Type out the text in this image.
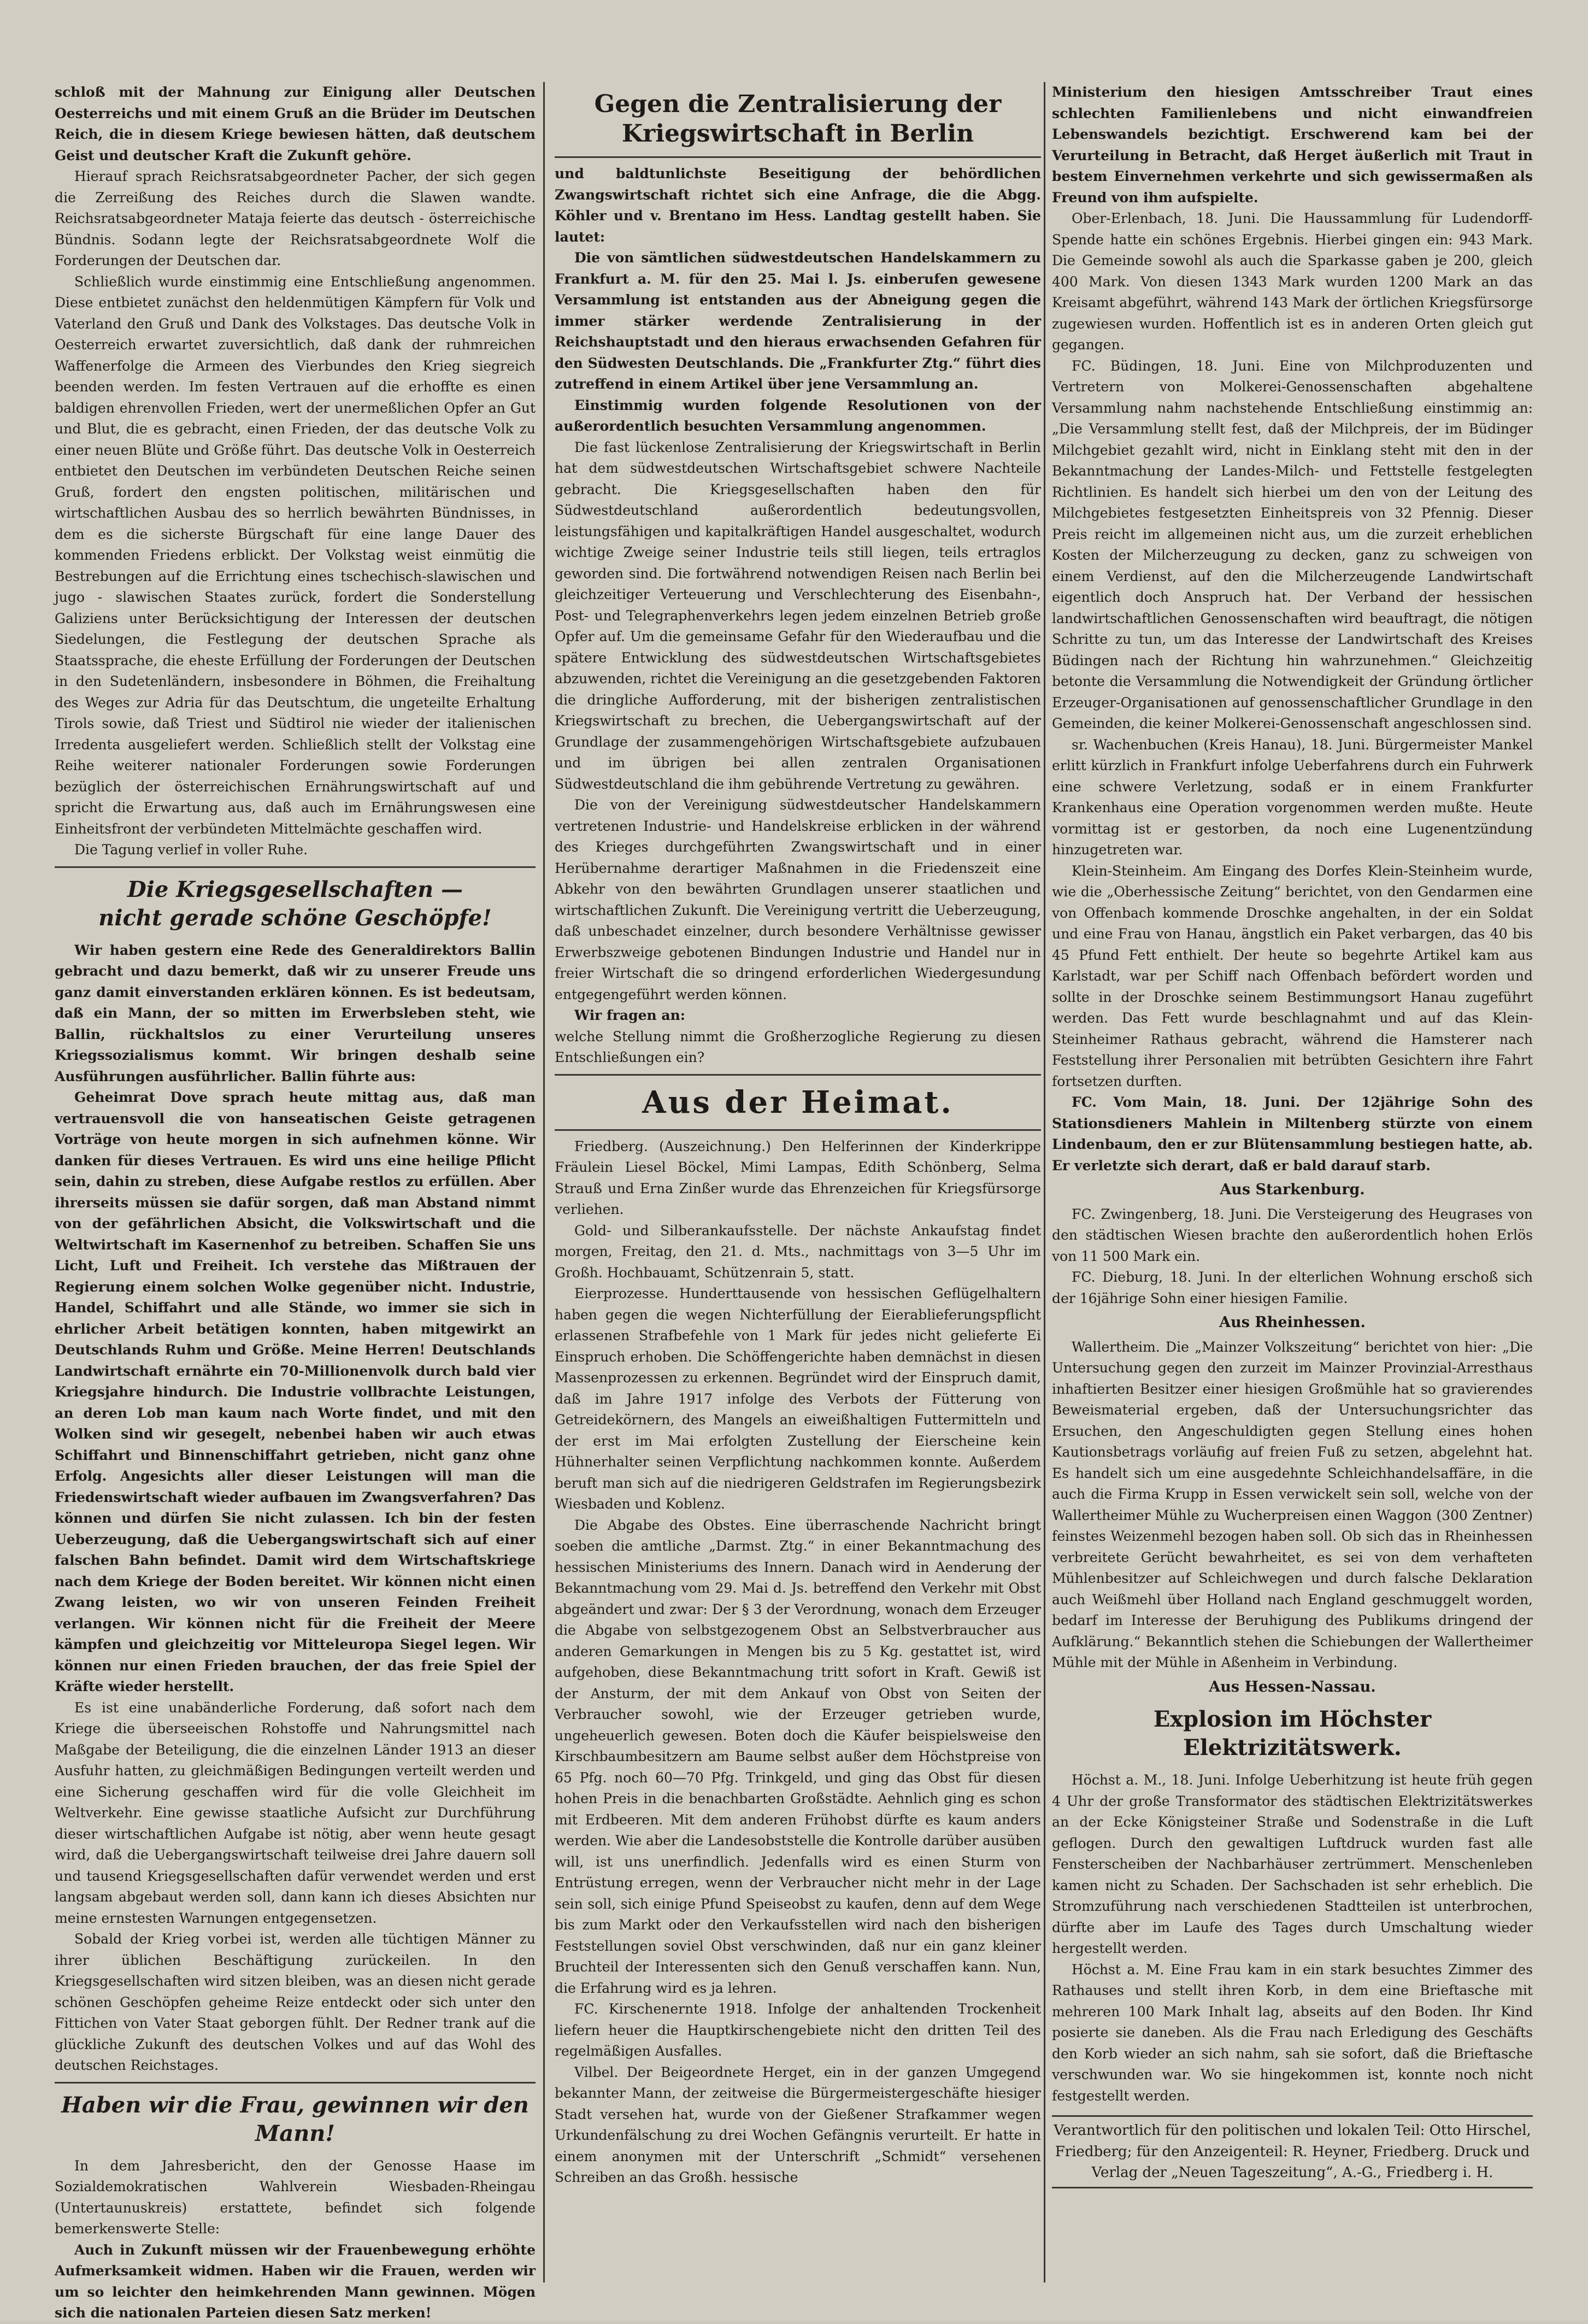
schloß mit der Mahnung zur Einigung aller Deutschen Oesterreichs und mit einem Gruß an die Brüder im Deutschen Reich, die in diesem Kriege bewiesen hätten, daß deutschem Geist und deutscher Kraft die Zukunft gehöre.

Hierauf sprach Reichsratsabgeordneter Pacher, der sich gegen die Zerreißung des Reiches durch die Slawen wandte. Reichsratsabgeordneter Mataja feierte das deutsch - österreichische Bündnis. Sodann legte der Reichsratsabgeordnete Wolf die Forderungen der Deutschen dar.

Schließlich wurde einstimmig eine Entschließung angenommen. Diese entbietet zunächst den heldenmütigen Kämpfern für Volk und Vaterland den Gruß und Dank des Volkstages. Das deutsche Volk in Oesterreich erwartet zuversichtlich, daß dank der ruhmreichen Waffenerfolge die Armeen des Vierbundes den Krieg siegreich beenden werden. Im festen Vertrauen auf die erhoffte es einen baldigen ehrenvollen Frieden, wert der unermeßlichen Opfer an Gut und Blut, die es gebracht, einen Frieden, der das deutsche Volk zu einer neuen Blüte und Größe führt. Das deutsche Volk in Oesterreich entbietet den Deutschen im verbündeten Deutschen Reiche seinen Gruß, fordert den engsten politischen, militärischen und wirtschaftlichen Ausbau des so herrlich bewährten Bündnisses, in dem es die sicherste Bürgschaft für eine lange Dauer des kommenden Friedens erblickt. Der Volkstag weist einmütig die Bestrebungen auf die Errichtung eines tschechisch-slawischen und jugo - slawischen Staates zurück, fordert die Sonderstellung Galiziens unter Berücksichtigung der Interessen der deutschen Siedelungen, die Festlegung der deutschen Sprache als Staatssprache, die eheste Erfüllung der Forderungen der Deutschen in den Sudetenländern, insbesondere in Böhmen, die Freihaltung des Weges zur Adria für das Deutschtum, die ungeteilte Erhaltung Tirols sowie, daß Triest und Südtirol nie wieder der italienischen Irredenta ausgeliefert werden. Schließlich stellt der Volkstag eine Reihe weiterer nationaler Forderungen sowie Forderungen bezüglich der österreichischen Ernährungswirtschaft auf und spricht die Erwartung aus, daß auch im Ernährungswesen eine Einheitsfront der verbündeten Mittelmächte geschaffen wird.

Die Tagung verlief in voller Ruhe.

Die Kriegsgesellschaften —
nicht gerade schöne Geschöpfe!

Wir haben gestern eine Rede des Generaldirektors Ballin gebracht und dazu bemerkt, daß wir zu unserer Freude uns ganz damit einverstanden erklären können. Es ist bedeutsam, daß ein Mann, der so mitten im Erwerbsleben steht, wie Ballin, rückhaltslos zu einer Verurteilung unseres Kriegssozialismus kommt. Wir bringen deshalb seine Ausführungen ausführlicher. Ballin führte aus:

Geheimrat Dove sprach heute mittag aus, daß man vertrauensvoll die von hanseatischen Geiste getragenen Vorträge von heute morgen in sich aufnehmen könne. Wir danken für dieses Vertrauen. Es wird uns eine heilige Pflicht sein, dahin zu streben, diese Aufgabe restlos zu erfüllen. Aber ihrerseits müssen sie dafür sorgen, daß man Abstand nimmt von der gefährlichen Absicht, die Volkswirtschaft und die Weltwirtschaft im Kasernenhof zu betreiben. Schaffen Sie uns Licht, Luft und Freiheit. Ich verstehe das Mißtrauen der Regierung einem solchen Wolke gegenüber nicht. Industrie, Handel, Schiffahrt und alle Stände, wo immer sie sich in ehrlicher Arbeit betätigen konnten, haben mitgewirkt an Deutschlands Ruhm und Größe. Meine Herren! Deutschlands Landwirtschaft ernährte ein 70-Millionenvolk durch bald vier Kriegsjahre hindurch. Die Industrie vollbrachte Leistungen, an deren Lob man kaum nach Worte findet, und mit den Wolken sind wir gesegelt, nebenbei haben wir auch etwas Schiffahrt und Binnenschiffahrt getrieben, nicht ganz ohne Erfolg. Angesichts aller dieser Leistungen will man die Friedenswirtschaft wieder aufbauen im Zwangsverfahren? Das können und dürfen Sie nicht zulassen. Ich bin der festen Ueberzeugung, daß die Uebergangswirtschaft sich auf einer falschen Bahn befindet. Damit wird dem Wirtschaftskriege nach dem Kriege der Boden bereitet. Wir können nicht einen Zwang leisten, wo wir von unseren Feinden Freiheit verlangen. Wir können nicht für die Freiheit der Meere kämpfen und gleichzeitig vor Mitteleuropa Siegel legen. Wir können nur einen Frieden brauchen, der das freie Spiel der Kräfte wieder herstellt.

Es ist eine unabänderliche Forderung, daß sofort nach dem Kriege die überseeischen Rohstoffe und Nahrungsmittel nach Maßgabe der Beteiligung, die die einzelnen Länder 1913 an dieser Ausfuhr hatten, zu gleichmäßigen Bedingungen verteilt werden und eine Sicherung geschaffen wird für die volle Gleichheit im Weltverkehr. Eine gewisse staatliche Aufsicht zur Durchführung dieser wirtschaftlichen Aufgabe ist nötig, aber wenn heute gesagt wird, daß die Uebergangswirtschaft teilweise drei Jahre dauern soll und tausend Kriegsgesellschaften dafür verwendet werden und erst langsam abgebaut werden soll, dann kann ich dieses Absichten nur meine ernstesten Warnungen entgegensetzen.

Sobald der Krieg vorbei ist, werden alle tüchtigen Männer zu ihrer üblichen Beschäftigung zurückeilen. In den Kriegsgesellschaften wird sitzen bleiben, was an diesen nicht gerade schönen Geschöpfen geheime Reize entdeckt oder sich unter den Fittichen von Vater Staat geborgen fühlt. Der Redner trank auf die glückliche Zukunft des deutschen Volkes und auf das Wohl des deutschen Reichstages.

Haben wir die Frau, gewinnen wir den Mann!

In dem Jahresbericht, den der Genosse Haase im Sozialdemokratischen Wahlverein Wiesbaden-Rheingau (Untertaunuskreis) erstattete, befindet sich folgende bemerkenswerte Stelle:

Auch in Zukunft müssen wir der Frauenbewegung erhöhte Aufmerksamkeit widmen. Haben wir die Frauen, werden wir um so leichter den heimkehrenden Mann gewinnen. Mögen sich die nationalen Parteien diesen Satz merken!

Gegen die Zentralisierung der Kriegswirtschaft in Berlin

und baldtunlichste Beseitigung der behördlichen Zwangswirtschaft richtet sich eine Anfrage, die die Abgg. Köhler und v. Brentano im Hess. Landtag gestellt haben. Sie lautet:

Die von sämtlichen südwestdeutschen Handelskammern zu Frankfurt a. M. für den 25. Mai l. Js. einberufen gewesene Versammlung ist entstanden aus der Abneigung gegen die immer stärker werdende Zentralisierung in der Reichshauptstadt und den hieraus erwachsenden Gefahren für den Südwesten Deutschlands. Die „Frankfurter Ztg.“ führt dies zutreffend in einem Artikel über jene Versammlung an.

Einstimmig wurden folgende Resolutionen von der außerordentlich besuchten Versammlung angenommen.

Die fast lückenlose Zentralisierung der Kriegswirtschaft in Berlin hat dem südwestdeutschen Wirtschaftsgebiet schwere Nachteile gebracht. Die Kriegsgesellschaften haben den für Südwestdeutschland außerordentlich bedeutungsvollen, leistungsfähigen und kapitalkräftigen Handel ausgeschaltet, wodurch wichtige Zweige seiner Industrie teils still liegen, teils ertraglos geworden sind. Die fortwährend notwendigen Reisen nach Berlin bei gleichzeitiger Verteuerung und Verschlechterung des Eisenbahn-, Post- und Telegraphenverkehrs legen jedem einzelnen Betrieb große Opfer auf. Um die gemeinsame Gefahr für den Wiederaufbau und die spätere Entwicklung des südwestdeutschen Wirtschaftsgebietes abzuwenden, richtet die Vereinigung an die gesetzgebenden Faktoren die dringliche Aufforderung, mit der bisherigen zentralistischen Kriegswirtschaft zu brechen, die Uebergangswirtschaft auf der Grundlage der zusammengehörigen Wirtschaftsgebiete aufzubauen und im übrigen bei allen zentralen Organisationen Südwestdeutschland die ihm gebührende Vertretung zu gewähren.

Die von der Vereinigung südwestdeutscher Handelskammern vertretenen Industrie- und Handelskreise erblicken in der während des Krieges durchgeführten Zwangswirtschaft und in einer Herübernahme derartiger Maßnahmen in die Friedenszeit eine Abkehr von den bewährten Grundlagen unserer staatlichen und wirtschaftlichen Zukunft. Die Vereinigung vertritt die Ueberzeugung, daß unbeschadet einzelner, durch besondere Verhältnisse gewisser Erwerbszweige gebotenen Bindungen Industrie und Handel nur in freier Wirtschaft die so dringend erforderlichen Wiedergesundung entgegengeführt werden können.

Wir fragen an:

welche Stellung nimmt die Großherzogliche Regierung zu diesen Entschließungen ein?

Aus der Heimat.

Friedberg. (Auszeichnung.) Den Helferinnen der Kinderkrippe Fräulein Liesel Böckel, Mimi Lampas, Edith Schönberg, Selma Strauß und Erna Zinßer wurde das Ehrenzeichen für Kriegsfürsorge verliehen.

Gold- und Silberankaufsstelle. Der nächste Ankaufstag findet morgen, Freitag, den 21. d. Mts., nachmittags von 3—5 Uhr im Großh. Hochbauamt, Schützenrain 5, statt.

Eierprozesse. Hunderttausende von hessischen Geflügelhaltern haben gegen die wegen Nichterfüllung der Eierablieferungspflicht erlassenen Strafbefehle von 1 Mark für jedes nicht gelieferte Ei Einspruch erhoben. Die Schöffengerichte haben demnächst in diesen Massenprozessen zu erkennen. Begründet wird der Einspruch damit, daß im Jahre 1917 infolge des Verbots der Fütterung von Getreidekörnern, des Mangels an eiweißhaltigen Futtermitteln und der erst im Mai erfolgten Zustellung der Eierscheine kein Hühnerhalter seinen Verpflichtung nachkommen konnte. Außerdem beruft man sich auf die niedrigeren Geldstrafen im Regierungsbezirk Wiesbaden und Koblenz.

Die Abgabe des Obstes. Eine überraschende Nachricht bringt soeben die amtliche „Darmst. Ztg.“ in einer Bekanntmachung des hessischen Ministeriums des Innern. Danach wird in Aenderung der Bekanntmachung vom 29. Mai d. Js. betreffend den Verkehr mit Obst abgeändert und zwar: Der § 3 der Verordnung, wonach dem Erzeuger die Abgabe von selbstgezogenem Obst an Selbstverbraucher aus anderen Gemarkungen in Mengen bis zu 5 Kg. gestattet ist, wird aufgehoben, diese Bekanntmachung tritt sofort in Kraft. Gewiß ist der Ansturm, der mit dem Ankauf von Obst von Seiten der Verbraucher sowohl, wie der Erzeuger getrieben wurde, ungeheuerlich gewesen. Boten doch die Käufer beispielsweise den Kirschbaumbesitzern am Baume selbst außer dem Höchstpreise von 65 Pfg. noch 60—70 Pfg. Trinkgeld, und ging das Obst für diesen hohen Preis in die benachbarten Großstädte. Aehnlich ging es schon mit Erdbeeren. Mit dem anderen Frühobst dürfte es kaum anders werden. Wie aber die Landesobststelle die Kontrolle darüber ausüben will, ist uns unerfindlich. Jedenfalls wird es einen Sturm von Entrüstung erregen, wenn der Verbraucher nicht mehr in der Lage sein soll, sich einige Pfund Speiseobst zu kaufen, denn auf dem Wege bis zum Markt oder den Verkaufsstellen wird nach den bisherigen Feststellungen soviel Obst verschwinden, daß nur ein ganz kleiner Bruchteil der Interessenten sich den Genuß verschaffen kann. Nun, die Erfahrung wird es ja lehren.

FC. Kirschenernte 1918. Infolge der anhaltenden Trockenheit liefern heuer die Hauptkirschengebiete nicht den dritten Teil des regelmäßigen Ausfalles.

Vilbel. Der Beigeordnete Herget, ein in der ganzen Umgegend bekannter Mann, der zeitweise die Bürgermeistergeschäfte hiesiger Stadt versehen hat, wurde von der Gießener Strafkammer wegen Urkundenfälschung zu drei Wochen Gefängnis verurteilt. Er hatte in einem anonymen mit der Unterschrift „Schmidt“ versehenen Schreiben an das Großh. hessische

Ministerium den hiesigen Amtsschreiber Traut eines schlechten Familienlebens und nicht einwandfreien Lebenswandels bezichtigt. Erschwerend kam bei der Verurteilung in Betracht, daß Herget äußerlich mit Traut in bestem Einvernehmen verkehrte und sich gewissermaßen als Freund von ihm aufspielte.

Ober-Erlenbach, 18. Juni. Die Haussammlung für Ludendorff-Spende hatte ein schönes Ergebnis. Hierbei gingen ein: 943 Mark. Die Gemeinde sowohl als auch die Sparkasse gaben je 200, gleich 400 Mark. Von diesen 1343 Mark wurden 1200 Mark an das Kreisamt abgeführt, während 143 Mark der örtlichen Kriegsfürsorge zugewiesen wurden. Hoffentlich ist es in anderen Orten gleich gut gegangen.

FC. Büdingen, 18. Juni. Eine von Milchproduzenten und Vertretern von Molkerei-Genossenschaften abgehaltene Versammlung nahm nachstehende Entschließung einstimmig an: „Die Versammlung stellt fest, daß der Milchpreis, der im Büdinger Milchgebiet gezahlt wird, nicht in Einklang steht mit den in der Bekanntmachung der Landes-Milch- und Fettstelle festgelegten Richtlinien. Es handelt sich hierbei um den von der Leitung des Milchgebietes festgesetzten Einheitspreis von 32 Pfennig. Dieser Preis reicht im allgemeinen nicht aus, um die zurzeit erheblichen Kosten der Milcherzeugung zu decken, ganz zu schweigen von einem Verdienst, auf den die Milcherzeugende Landwirtschaft eigentlich doch Anspruch hat. Der Verband der hessischen landwirtschaftlichen Genossenschaften wird beauftragt, die nötigen Schritte zu tun, um das Interesse der Landwirtschaft des Kreises Büdingen nach der Richtung hin wahrzunehmen.“ Gleichzeitig betonte die Versammlung die Notwendigkeit der Gründung örtlicher Erzeuger-Organisationen auf genossenschaftlicher Grundlage in den Gemeinden, die keiner Molkerei-Genossenschaft angeschlossen sind.

sr. Wachenbuchen (Kreis Hanau), 18. Juni. Bürgermeister Mankel erlitt kürzlich in Frankfurt infolge Ueberfahrens durch ein Fuhrwerk eine schwere Verletzung, sodaß er in einem Frankfurter Krankenhaus eine Operation vorgenommen werden mußte. Heute vormittag ist er gestorben, da noch eine Lugenentzündung hinzugetreten war.

Klein-Steinheim. Am Eingang des Dorfes Klein-Steinheim wurde, wie die „Oberhessische Zeitung“ berichtet, von den Gendarmen eine von Offenbach kommende Droschke angehalten, in der ein Soldat und eine Frau von Hanau, ängstlich ein Paket verbargen, das 40 bis 45 Pfund Fett enthielt. Der heute so begehrte Artikel kam aus Karlstadt, war per Schiff nach Offenbach befördert worden und sollte in der Droschke seinem Bestimmungsort Hanau zugeführt werden. Das Fett wurde beschlagnahmt und auf das Klein-Steinheimer Rathaus gebracht, während die Hamsterer nach Feststellung ihrer Personalien mit betrübten Gesichtern ihre Fahrt fortsetzen durften.

FC. Vom Main, 18. Juni. Der 12jährige Sohn des Stationsdieners Mahlein in Miltenberg stürzte von einem Lindenbaum, den er zur Blütensammlung bestiegen hatte, ab. Er verletzte sich derart, daß er bald darauf starb.

Aus Starkenburg.

FC. Zwingenberg, 18. Juni. Die Versteigerung des Heugrases von den städtischen Wiesen brachte den außerordentlich hohen Erlös von 11 500 Mark ein.

FC. Dieburg, 18. Juni. In der elterlichen Wohnung erschoß sich der 16jährige Sohn einer hiesigen Familie.

Aus Rheinhessen.

Wallertheim. Die „Mainzer Volkszeitung“ berichtet von hier: „Die Untersuchung gegen den zurzeit im Mainzer Provinzial-Arresthaus inhaftierten Besitzer einer hiesigen Großmühle hat so gravierendes Beweismaterial ergeben, daß der Untersuchungsrichter das Ersuchen, den Angeschuldigten gegen Stellung eines hohen Kautionsbetrags vorläufig auf freien Fuß zu setzen, abgelehnt hat. Es handelt sich um eine ausgedehnte Schleichhandelsaffäre, in die auch die Firma Krupp in Essen verwickelt sein soll, welche von der Wallertheimer Mühle zu Wucherpreisen einen Waggon (300 Zentner) feinstes Weizenmehl bezogen haben soll. Ob sich das in Rheinhessen verbreitete Gerücht bewahrheitet, es sei von dem verhafteten Mühlenbesitzer auf Schleichwegen und durch falsche Deklaration auch Weißmehl über Holland nach England geschmuggelt worden, bedarf im Interesse der Beruhigung des Publikums dringend der Aufklärung.“ Bekanntlich stehen die Schiebungen der Wallertheimer Mühle mit der Mühle in Aßenheim in Verbindung.

Aus Hessen-Nassau.
Explosion im Höchster Elektrizitätswerk.

Höchst a. M., 18. Juni. Infolge Ueberhitzung ist heute früh gegen 4 Uhr der große Transformator des städtischen Elektrizitätswerkes an der Ecke Königsteiner Straße und Sodenstraße in die Luft geflogen. Durch den gewaltigen Luftdruck wurden fast alle Fensterscheiben der Nachbarhäuser zertrümmert. Menschenleben kamen nicht zu Schaden. Der Sachschaden ist sehr erheblich. Die Stromzuführung nach verschiedenen Stadtteilen ist unterbrochen, dürfte aber im Laufe des Tages durch Umschaltung wieder hergestellt werden.

Höchst a. M. Eine Frau kam in ein stark besuchtes Zimmer des Rathauses und stellt ihren Korb, in dem eine Brieftasche mit mehreren 100 Mark Inhalt lag, abseits auf den Boden. Ihr Kind posierte sie daneben. Als die Frau nach Erledigung des Geschäfts den Korb wieder an sich nahm, sah sie sofort, daß die Brieftasche verschwunden war. Wo sie hingekommen ist, konnte noch nicht festgestellt werden.

Verantwortlich für den politischen und lokalen Teil: Otto Hirschel, Friedberg; für den Anzeigenteil: R. Heyner, Friedberg. Druck und Verlag der „Neuen Tageszeitung“, A.-G., Friedberg i. H.
